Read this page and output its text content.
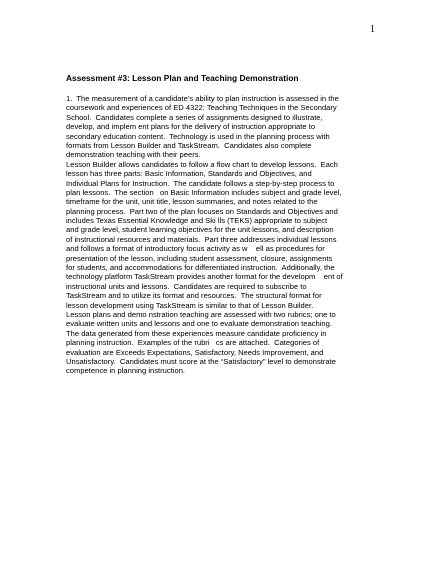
1
Assessment #3: Lesson Plan and Teaching Demonstration
1.  The measurement of a candidate’s ability to plan instruction is assessed in the
coursework and experiences of ED 4322: Teaching Techniques in the Secondary
School.  Candidates complete a series of assignments designed to illustrate,
develop, and implem ent plans for the delivery of instruction appropriate to
secondary education content.  Technology is used in the planning process with
formats from Lesson Builder and TaskStream.  Candidates also complete
demonstration teaching with their peers.
Lesson Builder allows candidates to follow a flow chart to develop lessons.  Each
lesson has three parts: Basic Information, Standards and Objectives, and
Individual Plans for Instruction.  The candidate follows a step-by-step process to
plan lessons.  The section   on Basic Information includes subject and grade level,
timeframe for the unit, unit title, lesson summaries, and notes related to the
planning process.  Part two of the plan focuses on Standards and Objectives and
includes Texas Essential Knowledge and Ski lls (TEKS) appropriate to subject
and grade level, student learning objectives for the unit lessons, and description
of instructional resources and materials.  Part three addresses individual lessons
and follows a format of introductory focus activity as w    ell as procedures for
presentation of the lesson, including student assessment, closure, assignments
for students, and accommodations for differentiated instruction.  Additionally, the
technology platform TaskStream provides another format for the developm    ent of
instructional units and lessons.  Candidates are required to subscribe to
TaskStream and to utilize its format and resources.  The structural format for
lesson development using TaskStream is similar to that of Lesson Builder.
Lesson plans and demo nstration teaching are assessed with two rubrics; one to
evaluate written units and lessons and one to evaluate demonstration teaching.
The data generated from these experiences measure candidate proficiency in
planning instruction.  Examples of the rubri   cs are attached.  Categories of
evaluation are Exceeds Expectations, Satisfactory, Needs Improvement, and
Unsatisfactory.  Candidates must score at the “Satisfactory” level to demonstrate
competence in planning instruction.
